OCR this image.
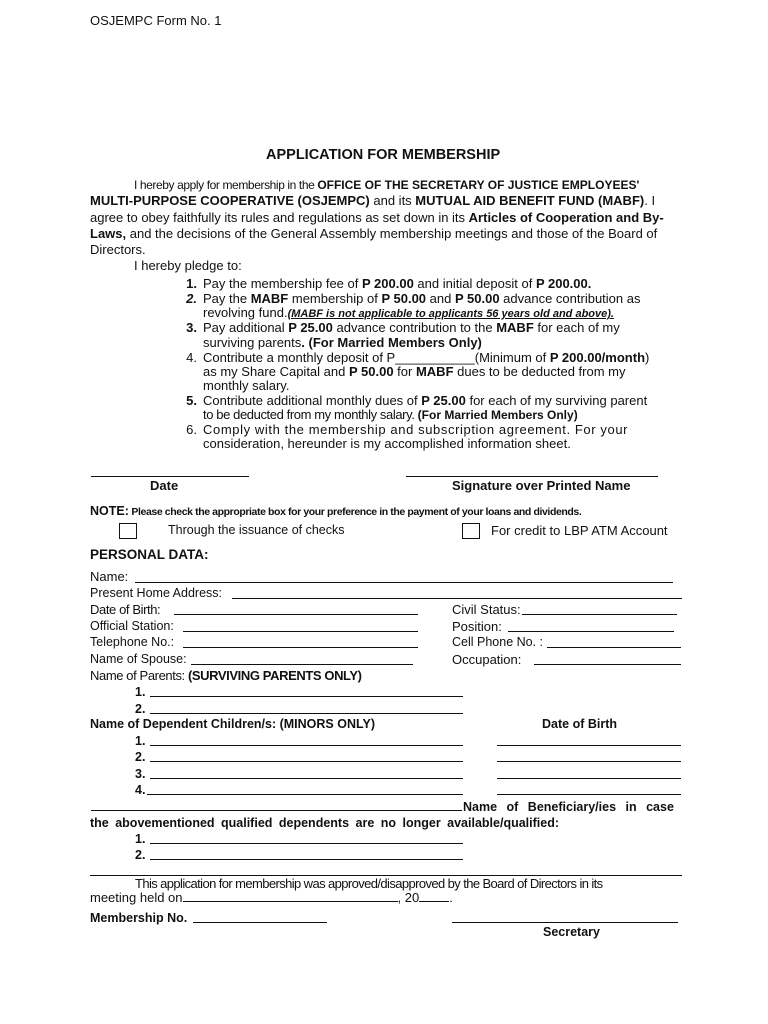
OSJEMPC Form No. 1
APPLICATION FOR MEMBERSHIP
I hereby apply for membership in the OFFICE OF THE SECRETARY OF JUSTICE EMPLOYEES'
MULTI-PURPOSE COOPERATIVE (OSJEMPC) and its MUTUAL AID BENEFIT FUND (MABF). I
agree to obey faithfully its rules and regulations as set down in its Articles of Cooperation and By-
Laws, and the decisions of the General Assembly membership meetings and those of the Board of
Directors.
I hereby pledge to:
1. Pay the membership fee of P 200.00 and initial deposit of P 200.00.
2. Pay the MABF membership of P 50.00 and P 50.00 advance contribution as
revolving fund.(MABF is not applicable to applicants 56 years old and above).
3. Pay additional P 25.00 advance contribution to the MABF for each of my
surviving parents. (For Married Members Only)
4. Contribute a monthly deposit of P___________(Minimum of P 200.00/month)
as my Share Capital and P 50.00 for MABF dues to be deducted from my
monthly salary.
5. Contribute additional monthly dues of P 25.00 for each of my surviving parent
to be deducted from my monthly salary. (For Married Members Only)
6. Comply with the membership and subscription agreement. For your
consideration, hereunder is my accomplished information sheet.
Date	Signature over Printed Name
NOTE: Please check the appropriate box for your preference in the payment of your loans and dividends.
Through the issuance of checks	For credit to LBP ATM Account
PERSONAL DATA:
Name:
Present Home Address:
Date of Birth:	Civil Status:
Official Station:	Position:
Telephone No.:	Cell Phone No. :
Name of Spouse:	Occupation:
Name of Parents: (SURVIVING PARENTS ONLY)
1.
2.
Name of Dependent Children/s: (MINORS ONLY)	Date of Birth
1.
2.
3.
4.
Name of Beneficiary/ies in case
the abovementioned qualified dependents are no longer available/qualified:
1.
2.
This application for membership was approved/disapproved by the Board of Directors in its
meeting held on	, 20 .
Membership No.
Secretary
